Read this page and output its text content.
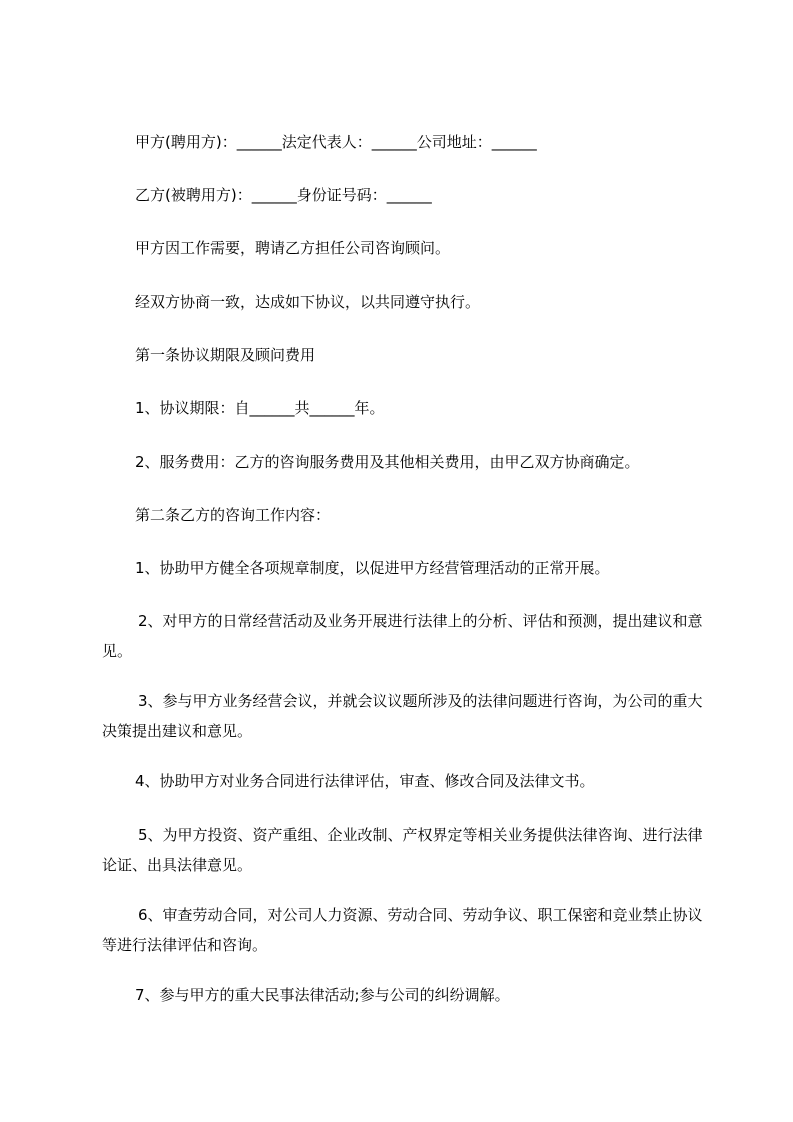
甲方(聘用方)：______法定代表人：______公司地址：______

乙方(被聘用方)：______身份证号码：______

甲方因工作需要，聘请乙方担任公司咨询顾问。

经双方协商一致，达成如下协议，以共同遵守执行。

第一条协议期限及顾问费用

1、协议期限：自______共______年。

2、服务费用：乙方的咨询服务费用及其他相关费用，由甲乙双方协商确定。

第二条乙方的咨询工作内容：

1、协助甲方健全各项规章制度，以促进甲方经营管理活动的正常开展。

2、对甲方的日常经营活动及业务开展进行法律上的分析、评估和预测，提出建议和意见。

3、参与甲方业务经营会议，并就会议议题所涉及的法律问题进行咨询，为公司的重大决策提出建议和意见。

4、协助甲方对业务合同进行法律评估，审查、修改合同及法律文书。

5、为甲方投资、资产重组、企业改制、产权界定等相关业务提供法律咨询、进行法律论证、出具法律意见。

6、审查劳动合同，对公司人力资源、劳动合同、劳动争议、职工保密和竞业禁止协议等进行法律评估和咨询。

7、参与甲方的重大民事法律活动;参与公司的纠纷调解。
